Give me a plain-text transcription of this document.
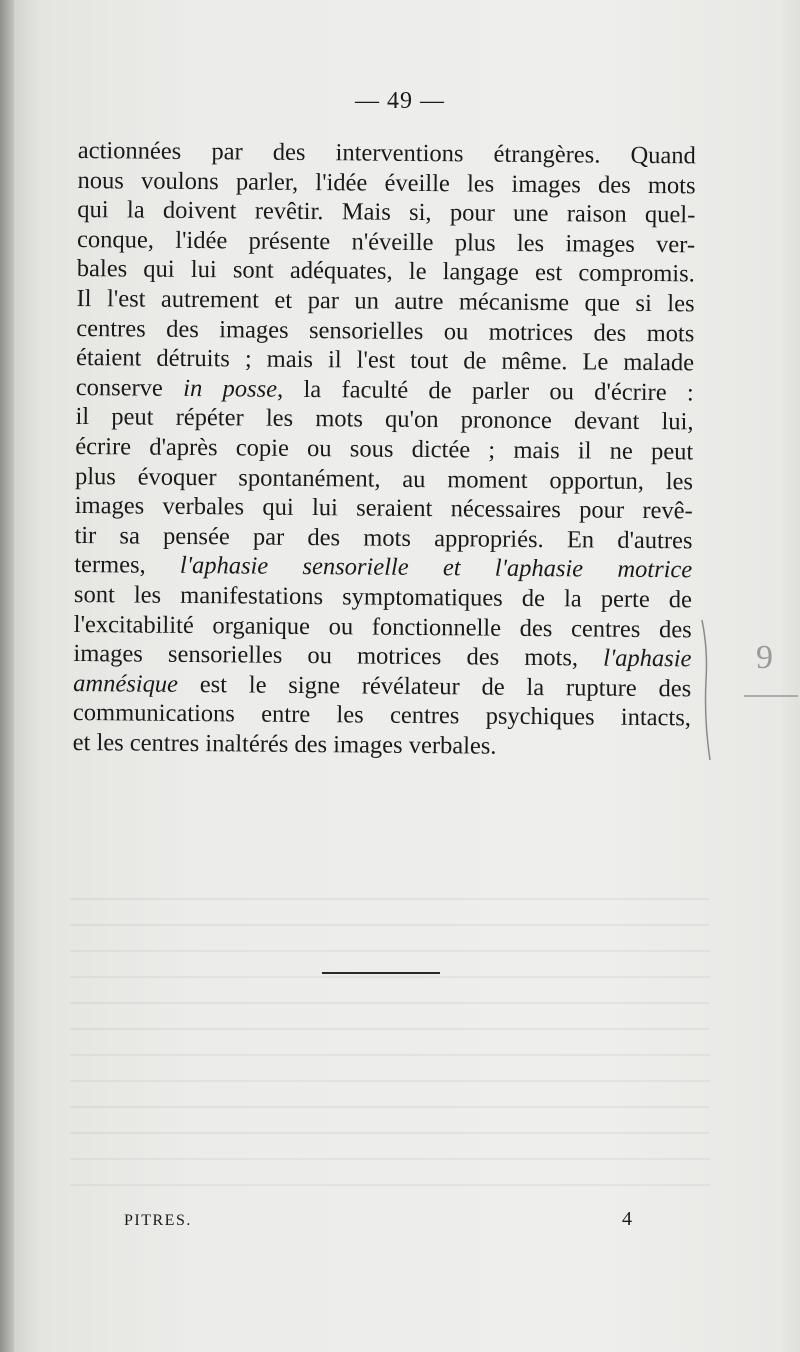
— 49 —
actionnées par des interventions étrangères. Quand
nous voulons parler, l'idée éveille les images des mots
qui la doivent revêtir. Mais si, pour une raison quel-
conque, l'idée présente n'éveille plus les images ver-
bales qui lui sont adéquates, le langage est compromis.
Il l'est autrement et par un autre mécanisme que si les
centres des images sensorielles ou motrices des mots
étaient détruits ; mais il l'est tout de même. Le malade
conserve in posse, la faculté de parler ou d'écrire :
il peut répéter les mots qu'on prononce devant lui,
écrire d'après copie ou sous dictée ; mais il ne peut
plus évoquer spontanément, au moment opportun, les
images verbales qui lui seraient nécessaires pour revê-
tir sa pensée par des mots appropriés. En d'autres
termes, l'aphasie sensorielle et l'aphasie motrice
sont les manifestations symptomatiques de la perte de
l'excitabilité organique ou fonctionnelle des centres des
images sensorielles ou motrices des mots, l'aphasie
amnésique est le signe révélateur de la rupture des
communications entre les centres psychiques intacts,
et les centres inaltérés des images verbales.
9
PITRES.	4
